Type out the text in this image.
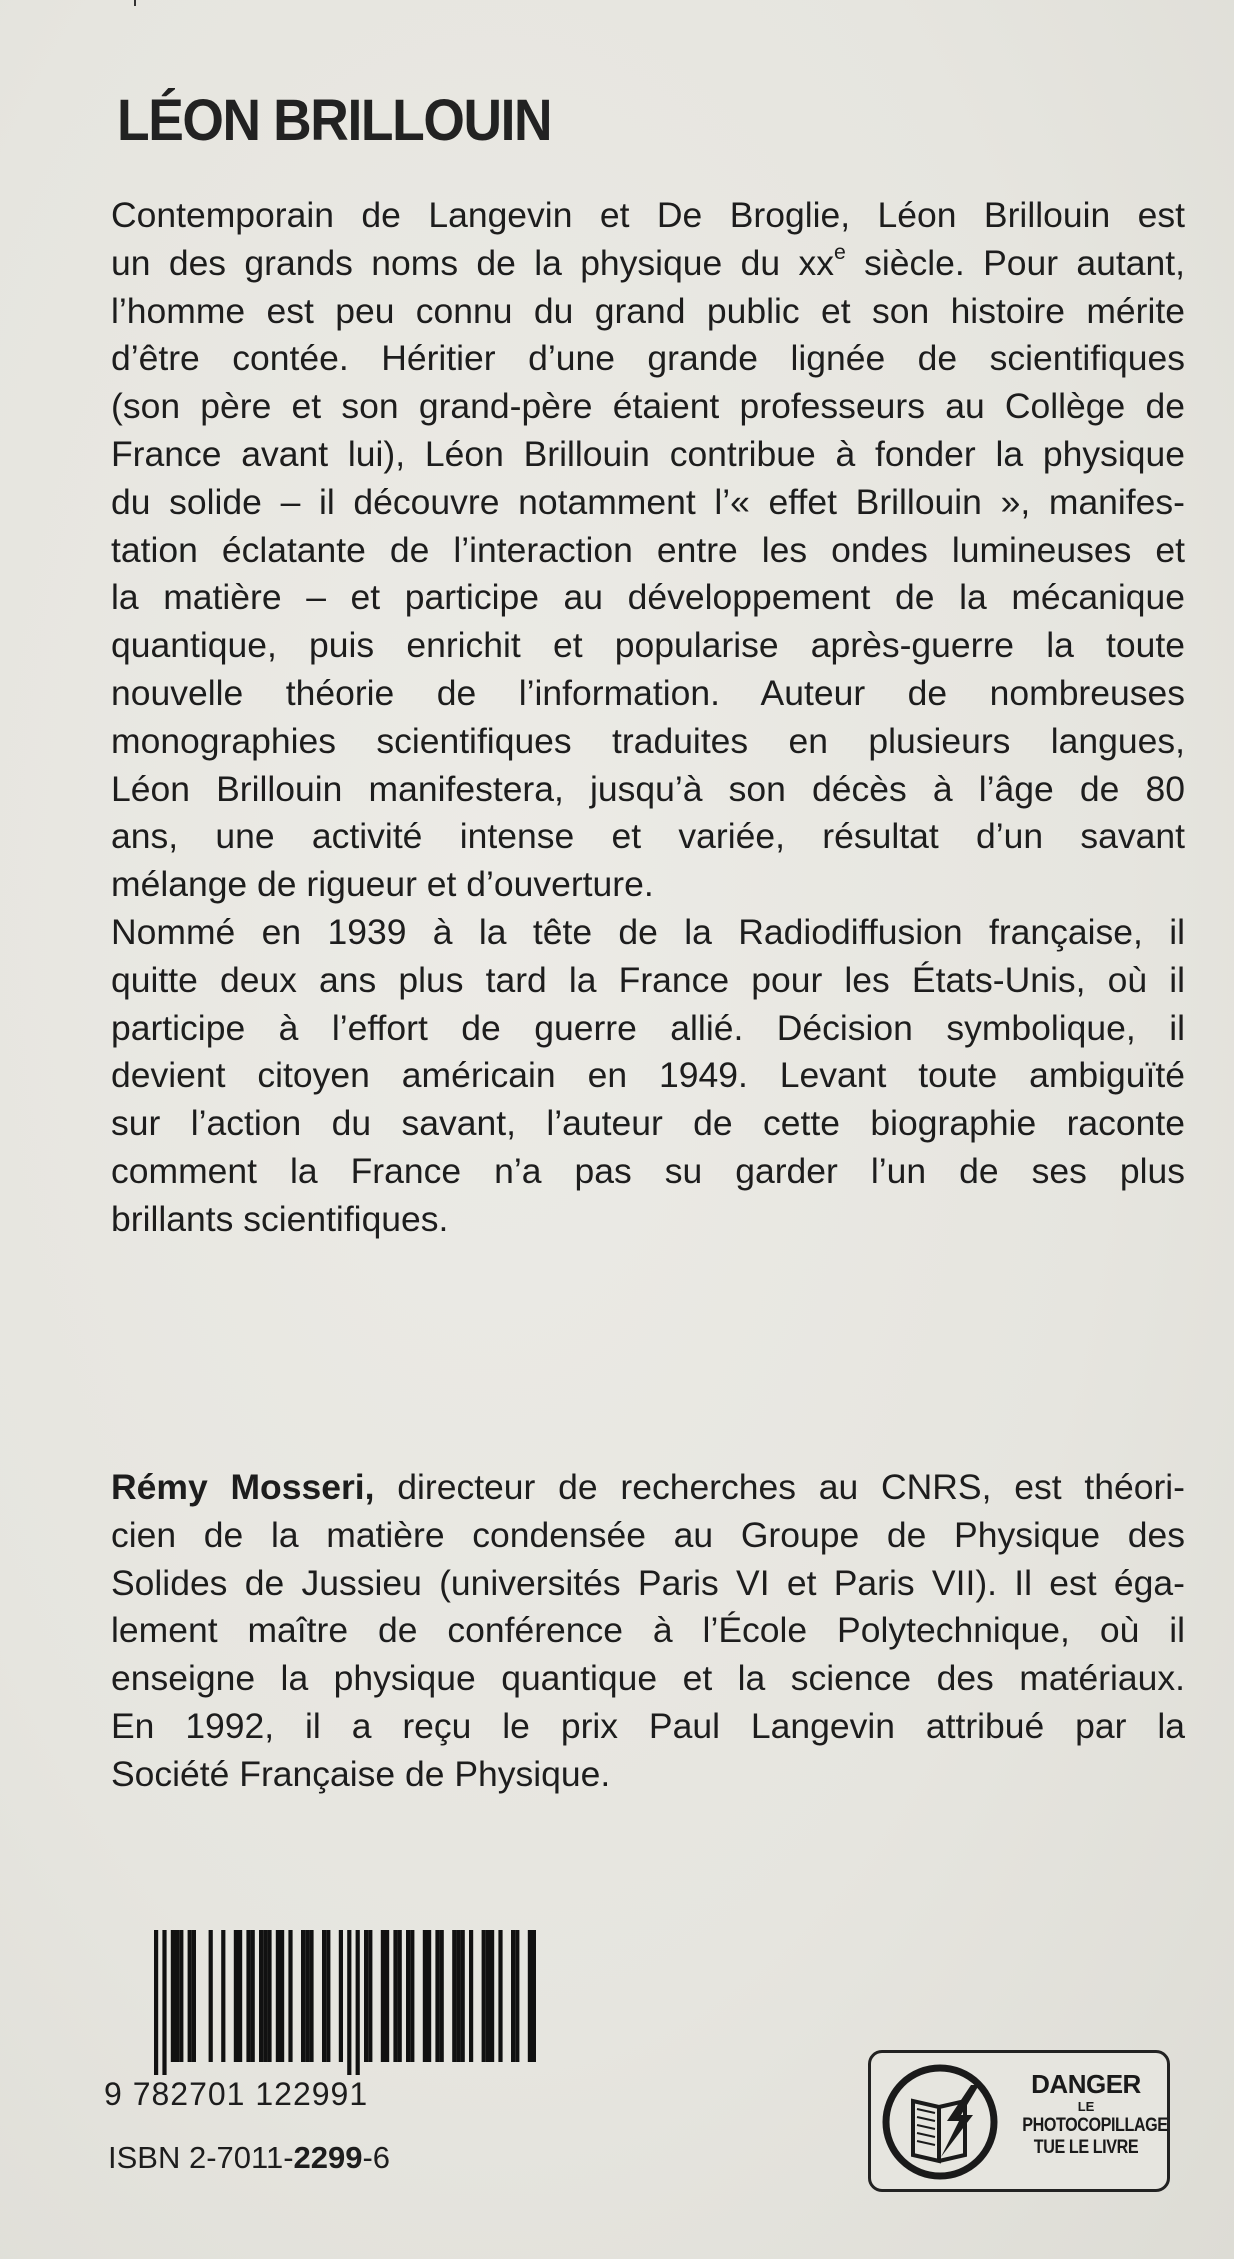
LÉON BRILLOUIN

Contemporain de Langevin et De Broglie, Léon Brillouin est
un des grands noms de la physique du $xx^e$ siècle. Pour autant,
l’homme est peu connu du grand public et son histoire mérite
d’être contée. Héritier d’une grande lignée de scientifiques
(son père et son grand-père étaient professeurs au Collège de
France avant lui), Léon Brillouin contribue à fonder la physique
du solide – il découvre notamment l’« effet Brillouin », manifes-
tation éclatante de l’interaction entre les ondes lumineuses et
la matière – et participe au développement de la mécanique
quantique, puis enrichit et popularise après-guerre la toute
nouvelle théorie de l’information. Auteur de nombreuses
monographies scientifiques traduites en plusieurs langues,
Léon Brillouin manifestera, jusqu’à son décès à l’âge de 80
ans, une activité intense et variée, résultat d’un savant
mélange de rigueur et d’ouverture.

Nommé en 1939 à la tête de la Radiodiffusion française, il
quitte deux ans plus tard la France pour les États-Unis, où il
participe à l’effort de guerre allié. Décision symbolique, il
devient citoyen américain en 1949. Levant toute ambiguïté
sur l’action du savant, l’auteur de cette biographie raconte
comment la France n’a pas su garder l’un de ses plus
brillants scientifiques.

Rémy Mosseri, directeur de recherches au CNRS, est théori-
cien de la matière condensée au Groupe de Physique des
Solides de Jussieu (universités Paris VI et Paris VII). Il est éga-
lement maître de conférence à l’École Polytechnique, où il
enseigne la physique quantique et la science des matériaux.
En 1992, il a reçu le prix Paul Langevin attribué par la
Société Française de Physique.

9 782701 122991
ISBN 2-7011-2299-6
DANGER
LE
PHOTOCOPILLAGE
TUE LE LIVRE
